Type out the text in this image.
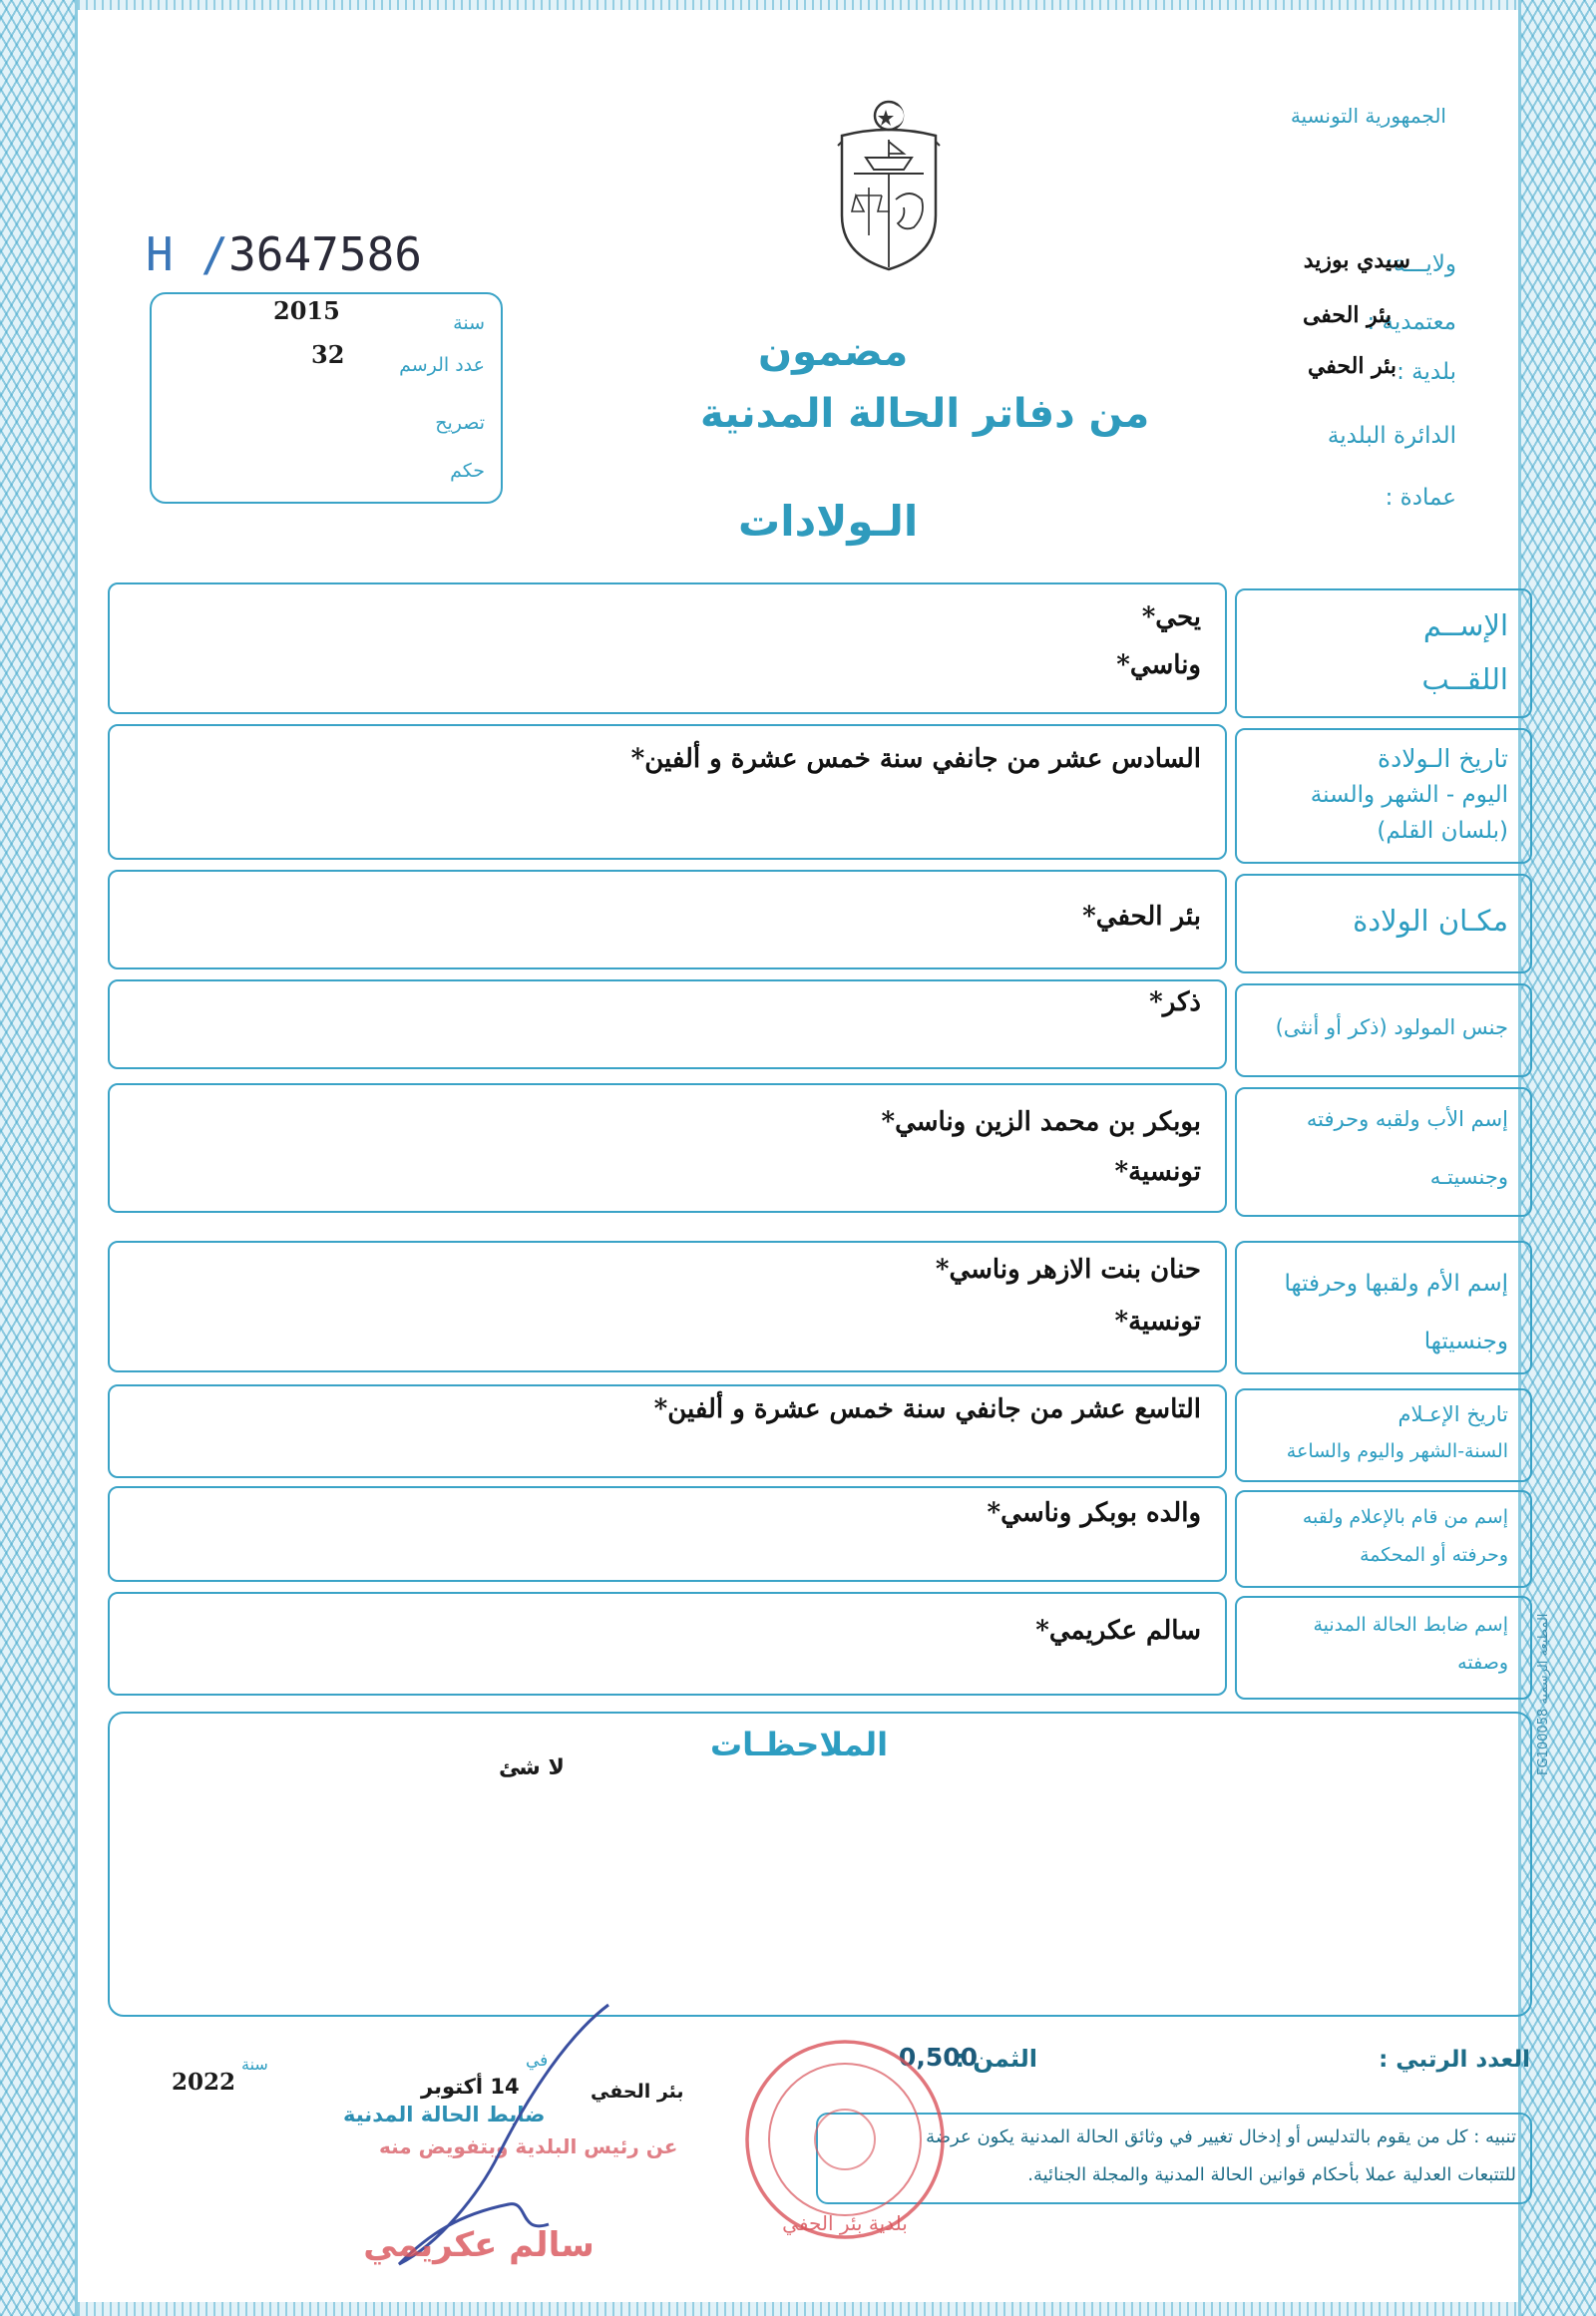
الجمهورية التونسية
ولايـــة:
سيدي بوزيد
معتمدية :
بئر الحفى
بلدية :
بئر الحفي
الدائرة البلدية
عمادة :
H /3647586
سنة
2015
عدد الرسم
32
تصريح
حكم
مضمون
من دفاتر الحالة المدنية
الـولادات
الإســم
اللقــب
يحي*
وناسي*
تاريخ الـولادة
اليوم - الشهر والسنة
(بلسان القلم)
السادس عشر من جانفي سنة خمس عشرة و ألفين*
مكـان الولادة
بئر الحفي*
جنس المولود (ذكر أو أنثى)
ذكر*
إسم الأب ولقبه وحرفته
وجنسيتـه
بوبكر بن محمد الزين وناسي*
تونسية*
إسم الأم ولقبها وحرفتها
وجنسيتها
حنان بنت الازهر وناسي*
تونسية*
تاريخ الإعـلام
السنة-الشهر واليوم والساعة
التاسع عشر من جانفي سنة خمس عشرة و ألفين*
إسم من قام بالإعلام ولقبه
وحرفته أو المحكمة
والده بوبكر وناسي*
إسم ضابط الحالة المدنية
وصفته
سالم عكريمي*
الملاحظـات
لا شئ	المطبعة الرسمية FG100058
العدد الرتبي :
الثمن :
0,500
بئر الحفي
في
14 أكتوبر
سنة
2022
ضابط الحالة المدنية
عن رئيس البلدية وبتفويض منه	تنبيه : كل من يقوم بالتدليس أو إدخال تغيير في وثائق الحالة المدنية يكون عرضة
للتتبعات العدلية عملا بأحكام قوانين الحالة المدنية والمجلة الجنائية.
بلدية بئر الحفي
سالم عكريمي
